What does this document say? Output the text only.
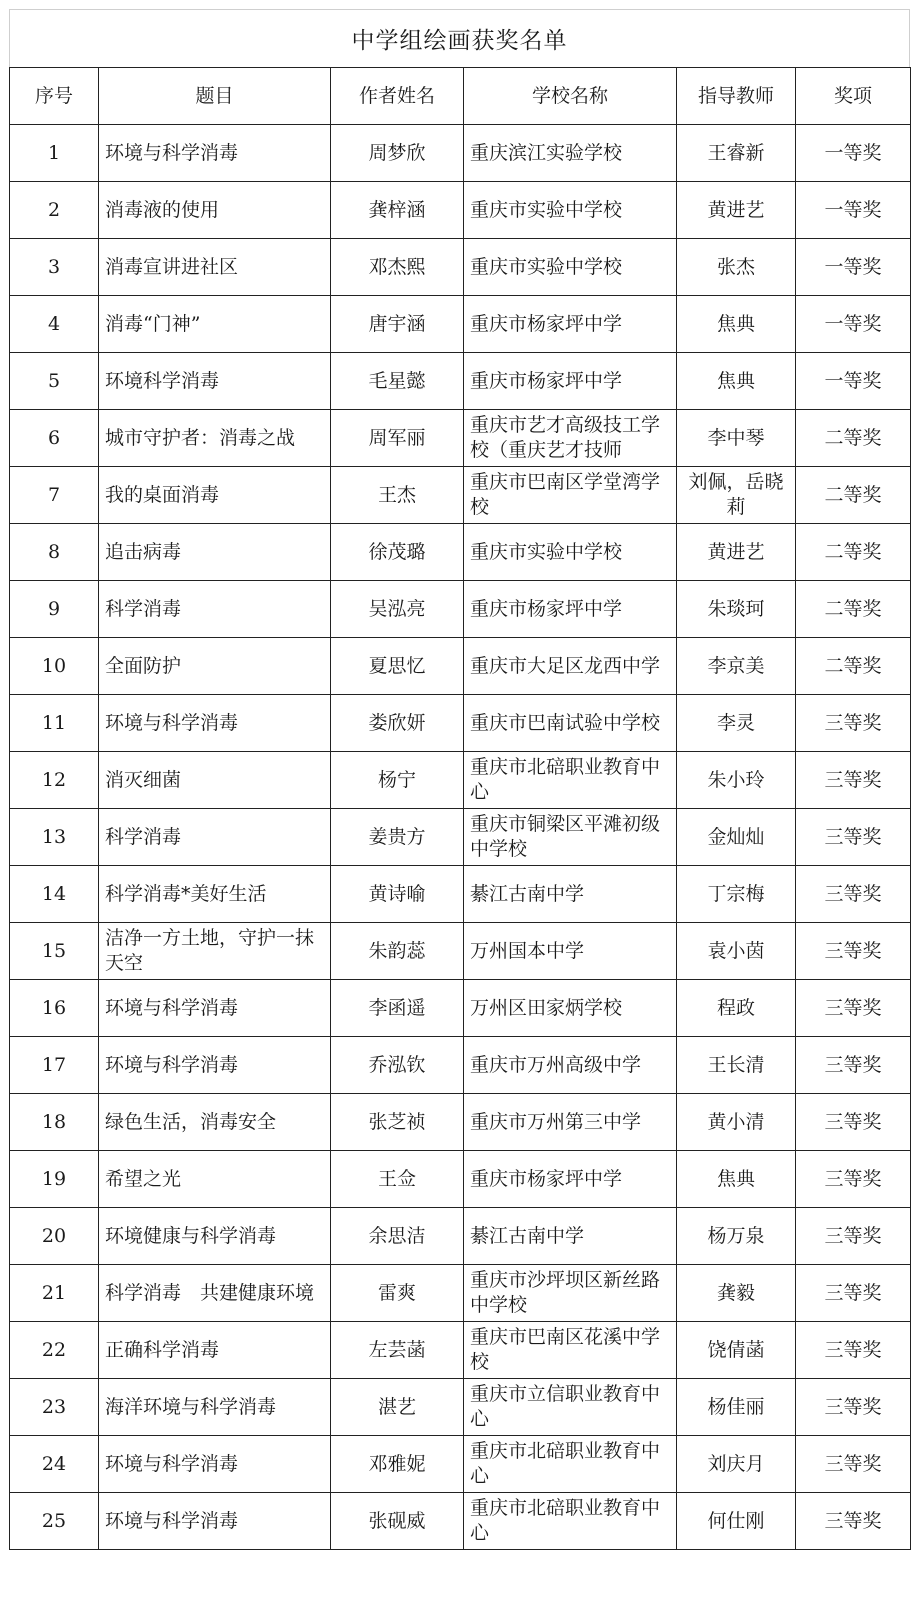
中学组绘画获奖名单
序号	题目	作者姓名	学校名称	指导教师	奖项

1	环境与科学消毒	周梦欣	重庆滨江实验学校	王睿新	一等奖

2	消毒液的使用	龚梓涵	重庆市实验中学校	黄进艺	一等奖

3	消毒宣讲进社区	邓杰熙	重庆市实验中学校	张杰	一等奖

4	消毒“门神”	唐宇涵	重庆市杨家坪中学	焦典	一等奖

5	环境科学消毒	毛星懿	重庆市杨家坪中学	焦典	一等奖

6	城市守护者：消毒之战	周军丽	重庆市艺才高级技工学校（重庆艺才技师	李中琴	二等奖

7	我的桌面消毒	王杰	重庆市巴南区学堂湾学校	刘佩，岳晓莉	二等奖

8	追击病毒	徐茂璐	重庆市实验中学校	黄进艺	二等奖

9	科学消毒	吴泓亮	重庆市杨家坪中学	朱琰珂	二等奖

10	全面防护	夏思忆	重庆市大足区龙西中学	李京美	二等奖

11	环境与科学消毒	娄欣妍	重庆市巴南试验中学校	李灵	三等奖

12	消灭细菌	杨宁	重庆市北碚职业教育中心	朱小玲	三等奖

13	科学消毒	姜贵方	重庆市铜梁区平滩初级中学校	金灿灿	三等奖

14	科学消毒*美好生活	黄诗喻	綦江古南中学	丁宗梅	三等奖

15	洁净一方土地，守护一抹天空	朱韵蕊	万州国本中学	袁小茵	三等奖

16	环境与科学消毒	李函遥	万州区田家炳学校	程政	三等奖

17	环境与科学消毒	乔泓钦	重庆市万州高级中学	王长清	三等奖

18	绿色生活，消毒安全	张芝祯	重庆市万州第三中学	黄小清	三等奖

19	希望之光	王佥	重庆市杨家坪中学	焦典	三等奖

20	环境健康与科学消毒	余思洁	綦江古南中学	杨万泉	三等奖

21	科学消毒　共建健康环境	雷爽	重庆市沙坪坝区新丝路中学校	龚毅	三等奖

22	正确科学消毒	左芸菡	重庆市巴南区花溪中学校	饶倩菡	三等奖

23	海洋环境与科学消毒	湛艺	重庆市立信职业教育中心	杨佳丽	三等奖

24	环境与科学消毒	邓雅妮	重庆市北碚职业教育中心	刘庆月	三等奖

25	环境与科学消毒	张砚威	重庆市北碚职业教育中心	何仕刚	三等奖
